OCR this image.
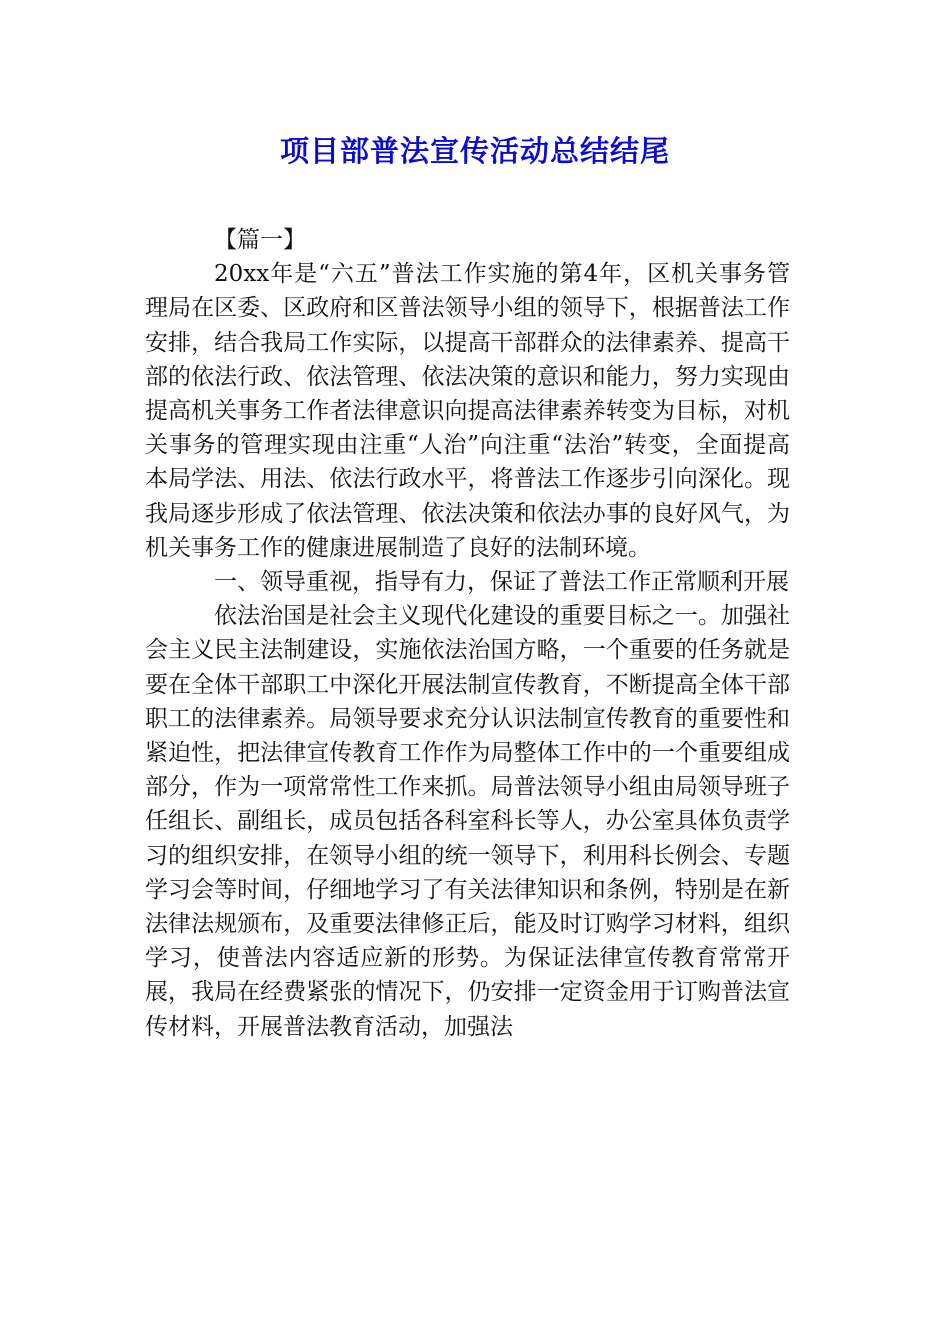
项目部普法宣传活动总结结尾

【篇一】

20xx年是“六五”普法工作实施的第4年，区机关事务管理局在区委、区政府和区普法领导小组的领导下，根据普法工作安排，结合我局工作实际，以提高干部群众的法律素养、提高干部的依法行政、依法管理、依法决策的意识和能力，努力实现由提高机关事务工作者法律意识向提高法律素养转变为目标，对机关事务的管理实现由注重“人治”向注重“法治”转变，全面提高本局学法、用法、依法行政水平，将普法工作逐步引向深化。现我局逐步形成了依法管理、依法决策和依法办事的良好风气，为机关事务工作的健康进展制造了良好的法制环境。

一、领导重视，指导有力，保证了普法工作正常顺利开展

依法治国是社会主义现代化建设的重要目标之一。加强社会主义民主法制建设，实施依法治国方略，一个重要的任务就是要在全体干部职工中深化开展法制宣传教育，不断提高全体干部职工的法律素养。局领导要求充分认识法制宣传教育的重要性和紧迫性，把法律宣传教育工作作为局整体工作中的一个重要组成部分，作为一项常常性工作来抓。局普法领导小组由局领导班子任组长、副组长，成员包括各科室科长等人，办公室具体负责学习的组织安排，在领导小组的统一领导下，利用科长例会、专题学习会等时间，仔细地学习了有关法律知识和条例，特别是在新法律法规颁布，及重要法律修正后，能及时订购学习材料，组织学习，使普法内容适应新的形势。为保证法律宣传教育常常开展，我局在经费紧张的情况下，仍安排一定资金用于订购普法宣传材料，开展普法教育活动，加强法
